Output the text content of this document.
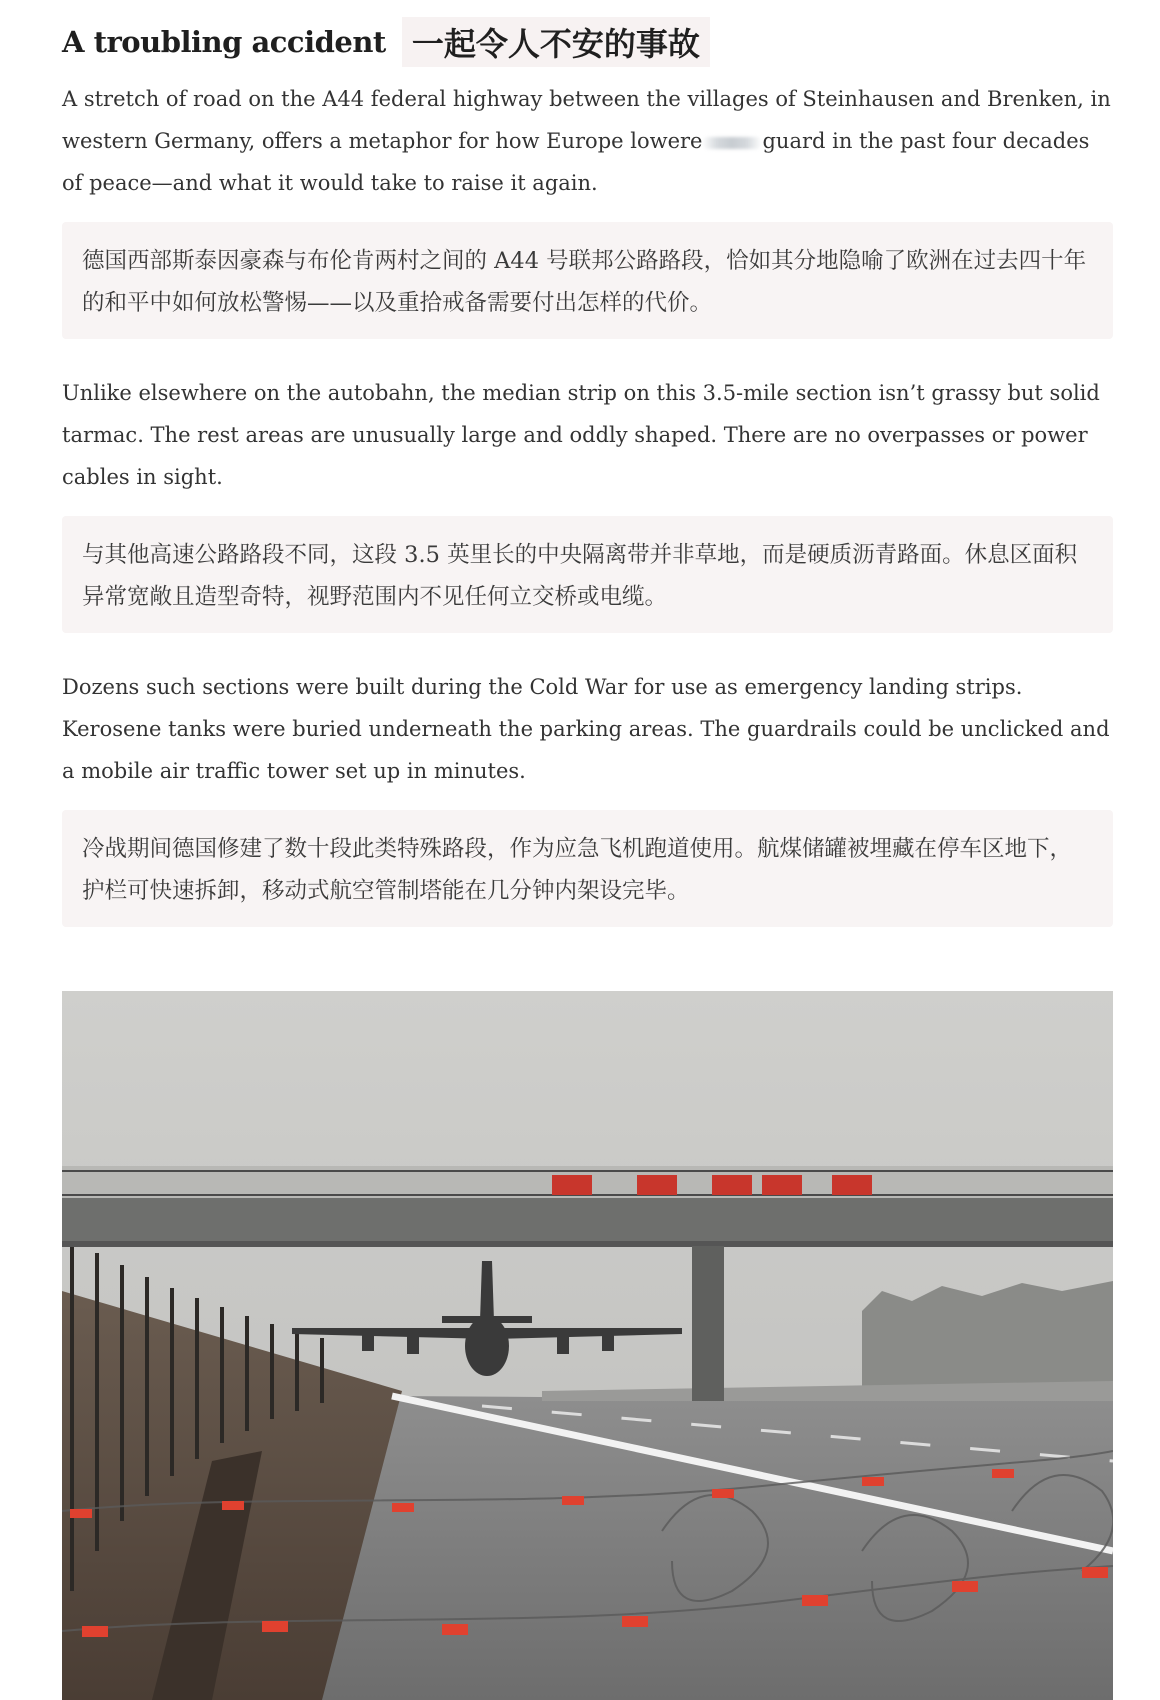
A troubling accident 一起令人不安的事故

A stretch of road on the A44 federal highway between the villages of Steinhausen and Brenken, in western Germany, offers a metaphor for how Europe lowere	guard in the past four decades of peace—and what it would take to raise it again.

德国西部斯泰因豪森与布伦肯两村之间的 A44 号联邦公路路段，恰如其分地隐喻了欧洲在过去四十年的和平中如何放松警惕——以及重拾戒备需要付出怎样的代价。

Unlike elsewhere on the autobahn, the median strip on this 3.5-mile section isn’t grassy but solid tarmac. The rest areas are unusually large and oddly shaped. There are no overpasses or power cables in sight.

与其他高速公路路段不同，这段 3.5 英里长的中央隔离带并非草地，而是硬质沥青路面。休息区面积异常宽敞且造型奇特，视野范围内不见任何立交桥或电缆。

Dozens such sections were built during the Cold War for use as emergency landing strips. Kerosene tanks were buried underneath the parking areas. The guardrails could be unclicked and a mobile air traffic tower set up in minutes.

冷战期间德国修建了数十段此类特殊路段，作为应急飞机跑道使用。航煤储罐被埋藏在停车区地下，护栏可快速拆卸，移动式航空管制塔能在几分钟内架设完毕。
